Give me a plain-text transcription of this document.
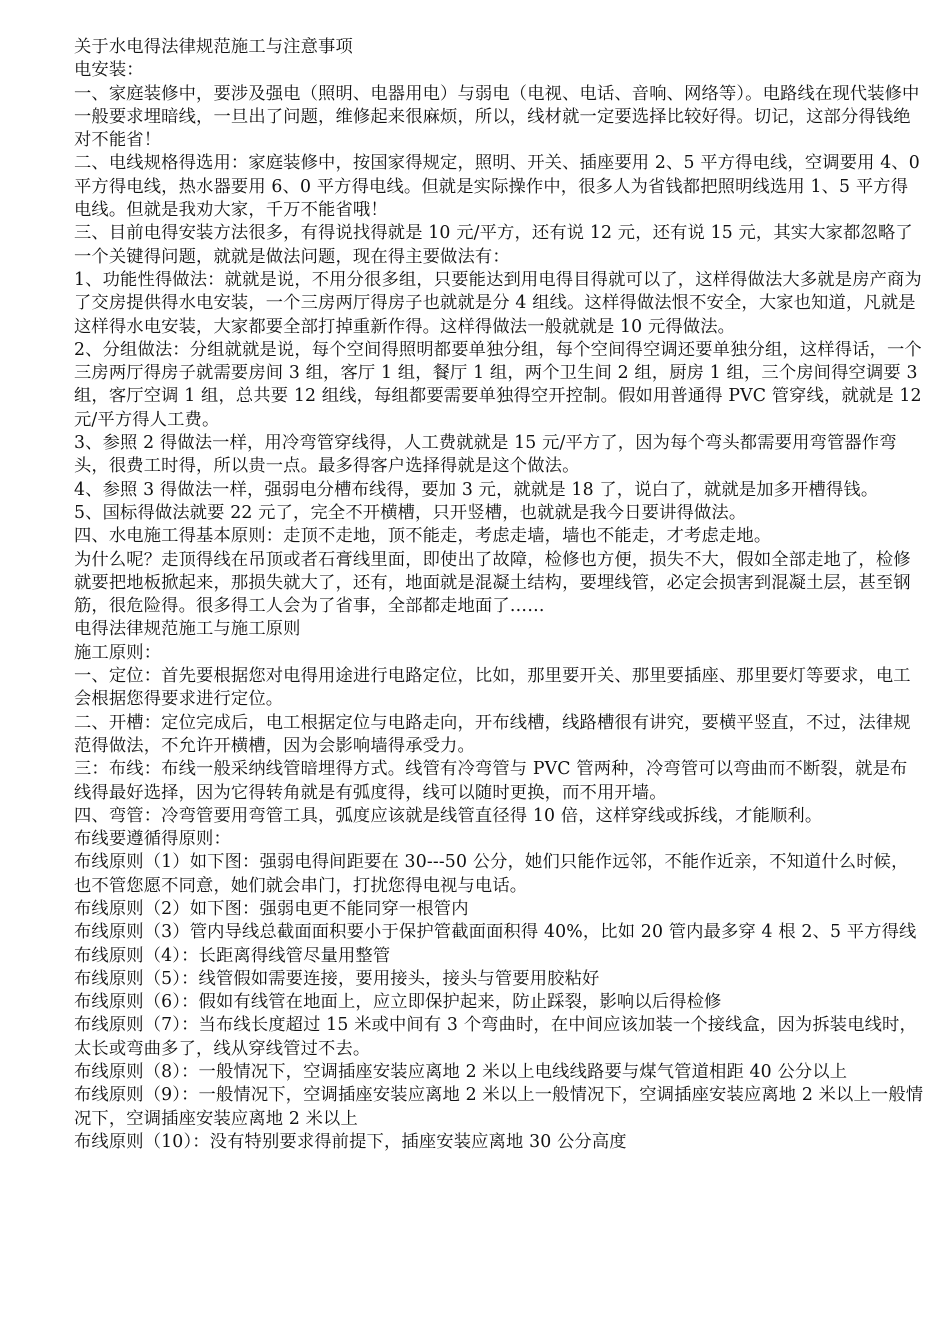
关于水电得法律规范施工与注意事项

电安装：

一、家庭装修中，要涉及强电（照明、电器用电）与弱电（电视、电话、音响、网络等）。电路线在现代装修中一般要求埋暗线，一旦出了问题，维修起来很麻烦，所以，线材就一定要选择比较好得。切记，这部分得钱绝对不能省！

二、电线规格得选用：家庭装修中，按国家得规定，照明、开关、插座要用 2、5 平方得电线，空调要用 4、0 平方得电线，热水器要用 6、0 平方得电线。但就是实际操作中，很多人为省钱都把照明线选用 1、5 平方得电线。但就是我劝大家，千万不能省哦！

三、目前电得安装方法很多，有得说找得就是 10 元/平方，还有说 12 元，还有说 15 元，其实大家都忽略了一个关键得问题，就就是做法问题，现在得主要做法有：

1、功能性得做法：就就是说，不用分很多组，只要能达到用电得目得就可以了，这样得做法大多就是房产商为了交房提供得水电安装，一个三房两厅得房子也就就是分 4 组线。这样得做法恨不安全，大家也知道，凡就是这样得水电安装，大家都要全部打掉重新作得。这样得做法一般就就是 10 元得做法。

2、分组做法：分组就就是说，每个空间得照明都要单独分组，每个空间得空调还要单独分组，这样得话，一个三房两厅得房子就需要房间 3 组，客厅 1 组，餐厅 1 组，两个卫生间 2 组，厨房 1 组，三个房间得空调要 3 组，客厅空调 1 组，总共要 12 组线，每组都要需要单独得空开控制。假如用普通得 PVC 管穿线，就就是 12 元/平方得人工费。

3、参照 2 得做法一样，用冷弯管穿线得，人工费就就是 15 元/平方了，因为每个弯头都需要用弯管器作弯头，很费工时得，所以贵一点。最多得客户选择得就是这个做法。

4、参照 3 得做法一样，强弱电分槽布线得，要加 3 元，就就是 18 了，说白了，就就是加多开槽得钱。

5、国标得做法就要 22 元了，完全不开横槽，只开竖槽，也就就是我今日要讲得做法。

四、水电施工得基本原则：走顶不走地，顶不能走，考虑走墙，墙也不能走，才考虑走地。

为什么呢？走顶得线在吊顶或者石膏线里面，即使出了故障，检修也方便，损失不大，假如全部走地了，检修就要把地板掀起来，那损失就大了，还有，地面就是混凝土结构，要埋线管，必定会损害到混凝土层，甚至钢筋，很危险得。很多得工人会为了省事，全部都走地面了……

电得法律规范施工与施工原则

施工原则：

一、定位：首先要根据您对电得用途进行电路定位，比如，那里要开关、那里要插座、那里要灯等要求，电工会根据您得要求进行定位。

二、开槽：定位完成后，电工根据定位与电路走向，开布线槽，线路槽很有讲究，要横平竖直，不过，法律规范得做法，不允许开横槽，因为会影响墙得承受力。

三：布线：布线一般采纳线管暗埋得方式。线管有冷弯管与 PVC 管两种，冷弯管可以弯曲而不断裂，就是布线得最好选择，因为它得转角就是有弧度得，线可以随时更换，而不用开墙。

四、弯管：冷弯管要用弯管工具，弧度应该就是线管直径得 10 倍，这样穿线或拆线，才能顺利。

布线要遵循得原则：

布线原则（1）如下图：强弱电得间距要在 30---50 公分，她们只能作远邻，不能作近亲，不知道什么时候，也不管您愿不同意，她们就会串门，打扰您得电视与电话。

布线原则（2）如下图：强弱电更不能同穿一根管内

布线原则（3）管内导线总截面面积要小于保护管截面面积得 40%，比如 20 管内最多穿 4 根 2、5 平方得线

布线原则（4）：长距离得线管尽量用整管

布线原则（5）：线管假如需要连接，要用接头，接头与管要用胶粘好

布线原则（6）：假如有线管在地面上，应立即保护起来，防止踩裂，影响以后得检修

布线原则（7）：当布线长度超过 15 米或中间有 3 个弯曲时，在中间应该加装一个接线盒，因为拆装电线时，太长或弯曲多了，线从穿线管过不去。

布线原则（8）：一般情况下，空调插座安装应离地 2 米以上电线线路要与煤气管道相距 40 公分以上

布线原则（9）：一般情况下，空调插座安装应离地 2 米以上一般情况下，空调插座安装应离地 2 米以上一般情况下，空调插座安装应离地 2 米以上

布线原则（10）：没有特别要求得前提下，插座安装应离地 30 公分高度
